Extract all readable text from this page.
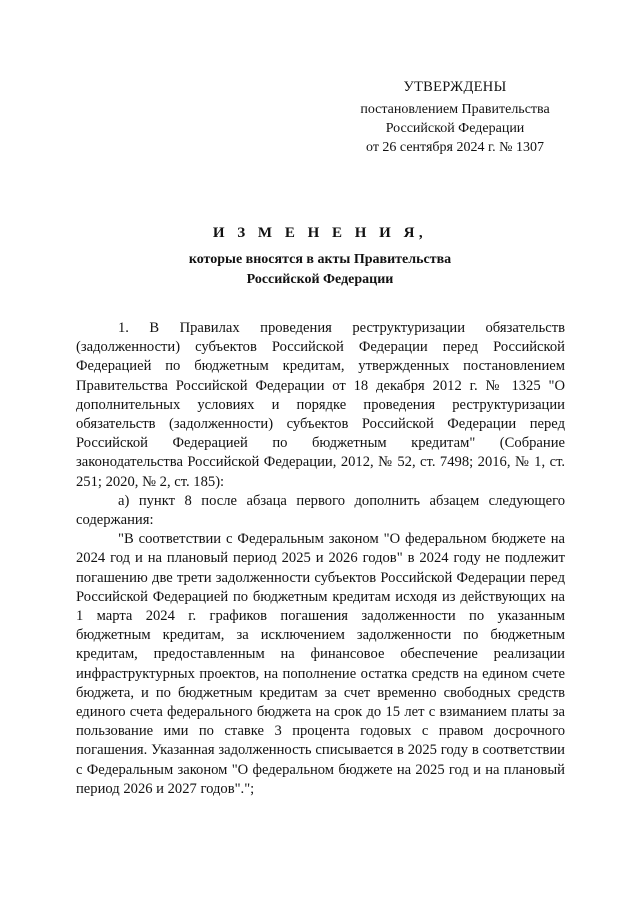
УТВЕРЖДЕНЫ
постановлением Правительства
Российской Федерации
от 26 сентября 2024 г. № 1307
И З М Е Н Е Н И Я,
которые вносятся в акты Правительства
Российской Федерации

1. В Правилах проведения реструктуризации обязательств (задолженности) субъектов Российской Федерации перед Российской Федерацией по бюджетным кредитам, утвержденных постановлением Правительства Российской Федерации от 18 декабря 2012 г. № 1325 "О дополнительных условиях и порядке проведения реструктуризации обязательств (задолженности) субъектов Российской Федерации перед Российской Федерацией по бюджетным кредитам" (Собрание законодательства Российской Федерации, 2012, № 52, ст. 7498; 2016, № 1, ст. 251; 2020, № 2, ст. 185):

а) пункт 8 после абзаца первого дополнить абзацем следующего содержания:

"В соответствии с Федеральным законом "О федеральном бюджете на 2024 год и на плановый период 2025 и 2026 годов" в 2024 году не подлежит погашению две трети задолженности субъектов Российской Федерации перед Российской Федерацией по бюджетным кредитам исходя из действующих на 1 марта 2024 г. графиков погашения задолженности по указанным бюджетным кредитам, за исключением задолженности по бюджетным кредитам, предоставленным на финансовое обеспечение реализации инфраструктурных проектов, на пополнение остатка средств на едином счете бюджета, и по бюджетным кредитам за счет временно свободных средств единого счета федерального бюджета на срок до 15 лет с взиманием платы за пользование ими по ставке 3 процента годовых с правом досрочного погашения. Указанная задолженность списывается в 2025 году в соответствии с Федеральным законом "О федеральном бюджете на 2025 год и на плановый период 2026 и 2027 годов".";
